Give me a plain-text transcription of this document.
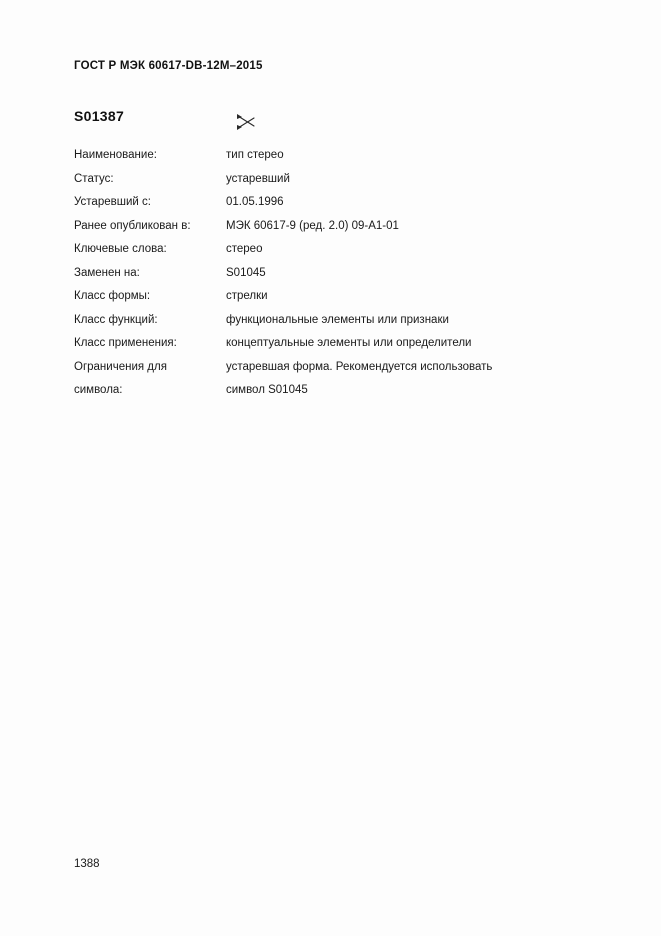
ГОСТ Р МЭК 60617-DB-12M–2015
S01387
Наименование:	тип стерео
Статус:	устаревший
Устаревший с:	01.05.1996
Ранее опубликован в:	МЭК 60617-9 (ред. 2.0) 09-A1-01
Ключевые слова:	стерео
Заменен на:	S01045
Класс формы:	стрелки
Класс функций:	функциональные элементы или признаки
Класс применения:	концептуальные элементы или определители
Ограничения для	устаревшая форма. Рекомендуется использовать
символа:	символ S01045
1388
